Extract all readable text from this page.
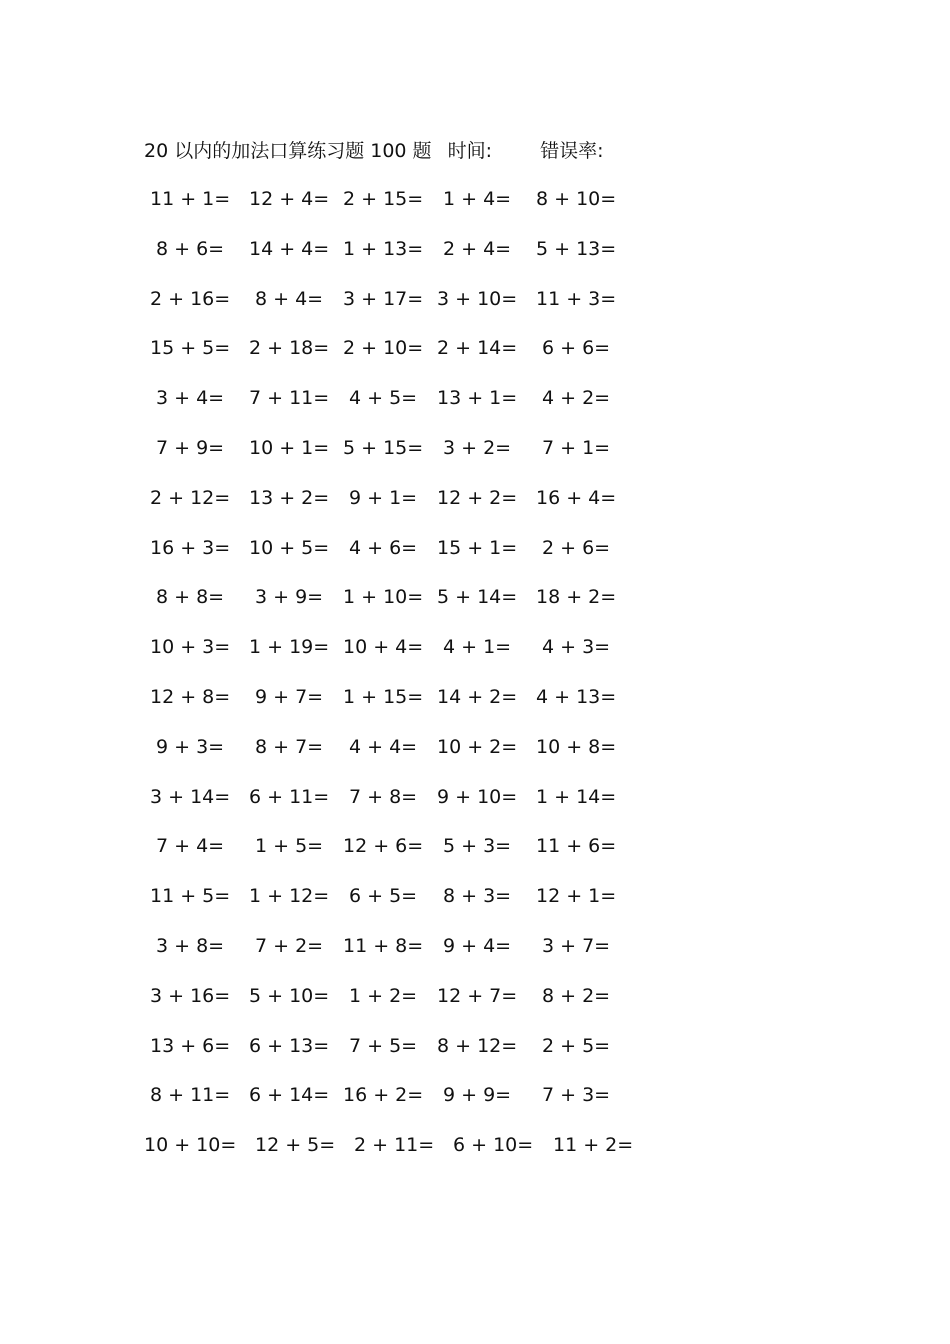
20 以内的加法口算练习题 100 题 时间:	错误率:
11 + 1= 12 + 4= 2 + 15= 1 + 4= 8 + 10=
8 + 6= 14 + 4= 1 + 13= 2 + 4= 5 + 13=
2 + 16= 8 + 4= 3 + 17= 3 + 10= 11 + 3=
15 + 5= 2 + 18= 2 + 10= 2 + 14= 6 + 6=
3 + 4= 7 + 11= 4 + 5= 13 + 1= 4 + 2=
7 + 9= 10 + 1= 5 + 15= 3 + 2= 7 + 1=
2 + 12= 13 + 2= 9 + 1= 12 + 2= 16 + 4=
16 + 3= 10 + 5= 4 + 6= 15 + 1= 2 + 6=
8 + 8= 3 + 9= 1 + 10= 5 + 14= 18 + 2=
10 + 3= 1 + 19= 10 + 4= 4 + 1= 4 + 3=
12 + 8= 9 + 7= 1 + 15= 14 + 2= 4 + 13=
9 + 3= 8 + 7= 4 + 4= 10 + 2= 10 + 8=
3 + 14= 6 + 11= 7 + 8= 9 + 10= 1 + 14=
7 + 4= 1 + 5= 12 + 6= 5 + 3= 11 + 6=
11 + 5= 1 + 12= 6 + 5= 8 + 3= 12 + 1=
3 + 8= 7 + 2= 11 + 8= 9 + 4= 3 + 7=
3 + 16= 5 + 10= 1 + 2= 12 + 7= 8 + 2=
13 + 6= 6 + 13= 7 + 5= 8 + 12= 2 + 5=
8 + 11= 6 + 14= 16 + 2= 9 + 9= 7 + 3=
10 + 10= 12 + 5= 2 + 11= 6 + 10= 11 + 2=
